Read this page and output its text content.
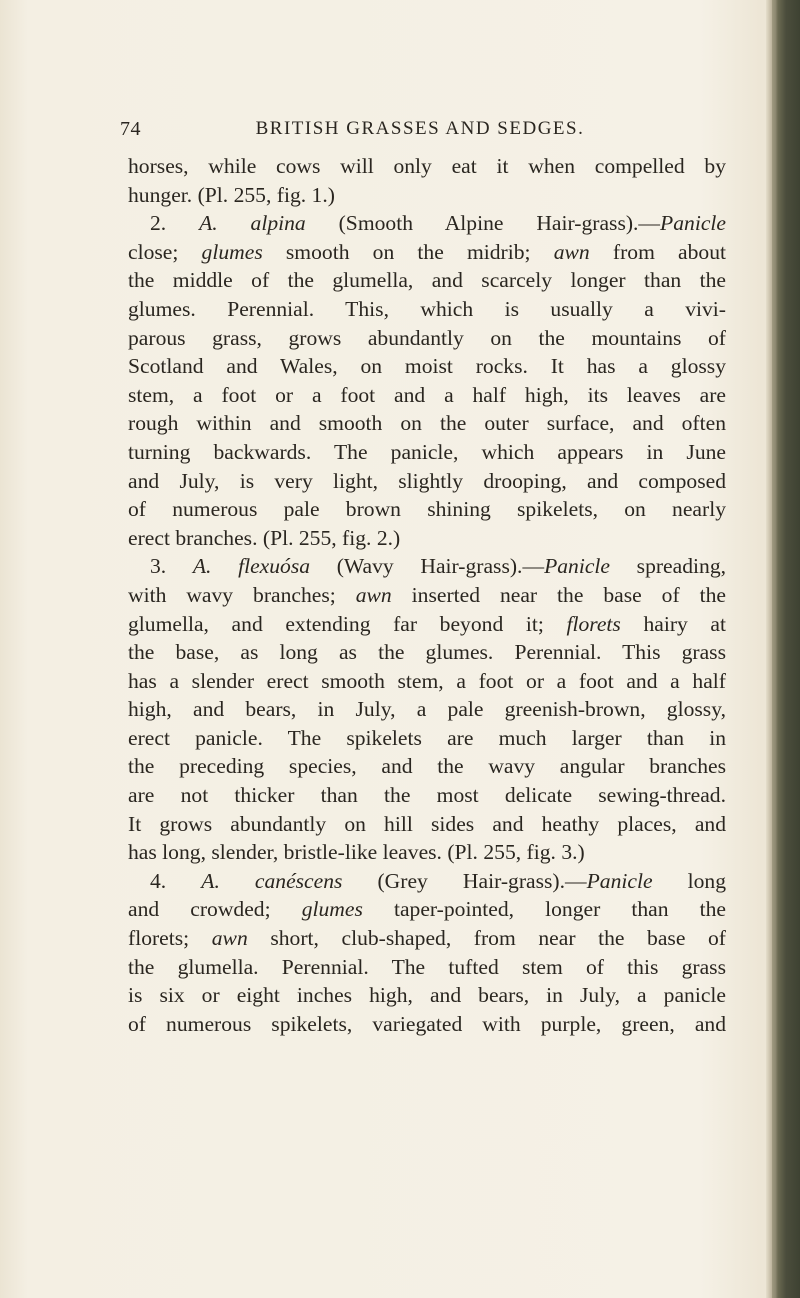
74	BRITISH GRASSES AND SEDGES.
horses, while cows will only eat it when compelled by
hunger. (Pl. 255, fig. 1.)
2. A. alpina (Smooth Alpine Hair-grass).—Panicle
close; glumes smooth on the midrib; awn from about
the middle of the glumella, and scarcely longer than the
glumes. Perennial. This, which is usually a vivi-
parous grass, grows abundantly on the mountains of
Scotland and Wales, on moist rocks. It has a glossy
stem, a foot or a foot and a half high, its leaves are
rough within and smooth on the outer surface, and often
turning backwards. The panicle, which appears in June
and July, is very light, slightly drooping, and composed
of numerous pale brown shining spikelets, on nearly
erect branches. (Pl. 255, fig. 2.)
3. A. flexuósa (Wavy Hair-grass).—Panicle spreading,
with wavy branches; awn inserted near the base of the
glumella, and extending far beyond it; florets hairy at
the base, as long as the glumes. Perennial. This grass
has a slender erect smooth stem, a foot or a foot and a half
high, and bears, in July, a pale greenish-brown, glossy,
erect panicle. The spikelets are much larger than in
the preceding species, and the wavy angular branches
are not thicker than the most delicate sewing-thread.
It grows abundantly on hill sides and heathy places, and
has long, slender, bristle-like leaves. (Pl. 255, fig. 3.)
4. A. canéscens (Grey Hair-grass).—Panicle long
and crowded; glumes taper-pointed, longer than the
florets; awn short, club-shaped, from near the base of
the glumella. Perennial. The tufted stem of this grass
is six or eight inches high, and bears, in July, a panicle
of numerous spikelets, variegated with purple, green, and
